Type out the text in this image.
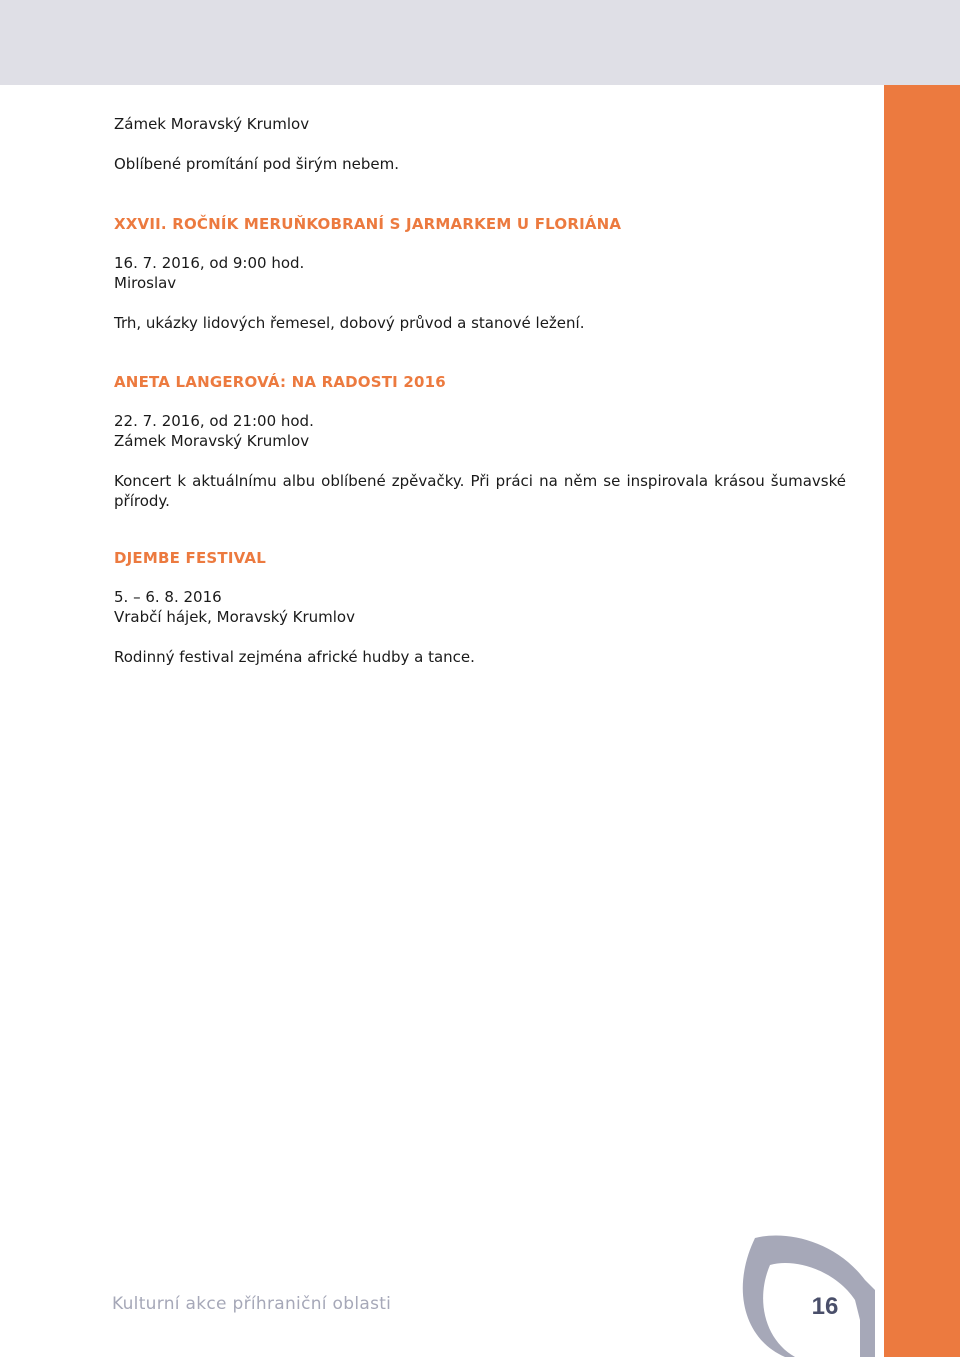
Zámek Moravský Krumlov

Oblíbené promítání pod širým nebem.

XXVII. ROČNÍK MERUŇKOBRANÍ S JARMARKEM U FLORIÁNA

16. 7. 2016, od 9:00 hod.

Miroslav

Trh, ukázky lidových řemesel, dobový průvod a stanové ležení.

ANETA LANGEROVÁ: NA RADOSTI 2016

22. 7. 2016, od 21:00 hod.

Zámek Moravský Krumlov

Koncert k aktuálnímu albu oblíbené zpěvačky. Při práci na něm se inspirovala krásou šumavské přírody.

DJEMBE FESTIVAL

5. – 6. 8. 2016

Vrabčí hájek, Moravský Krumlov

Rodinný festival zejména africké hudby a tance.

Kulturní akce příhraniční oblasti	16
